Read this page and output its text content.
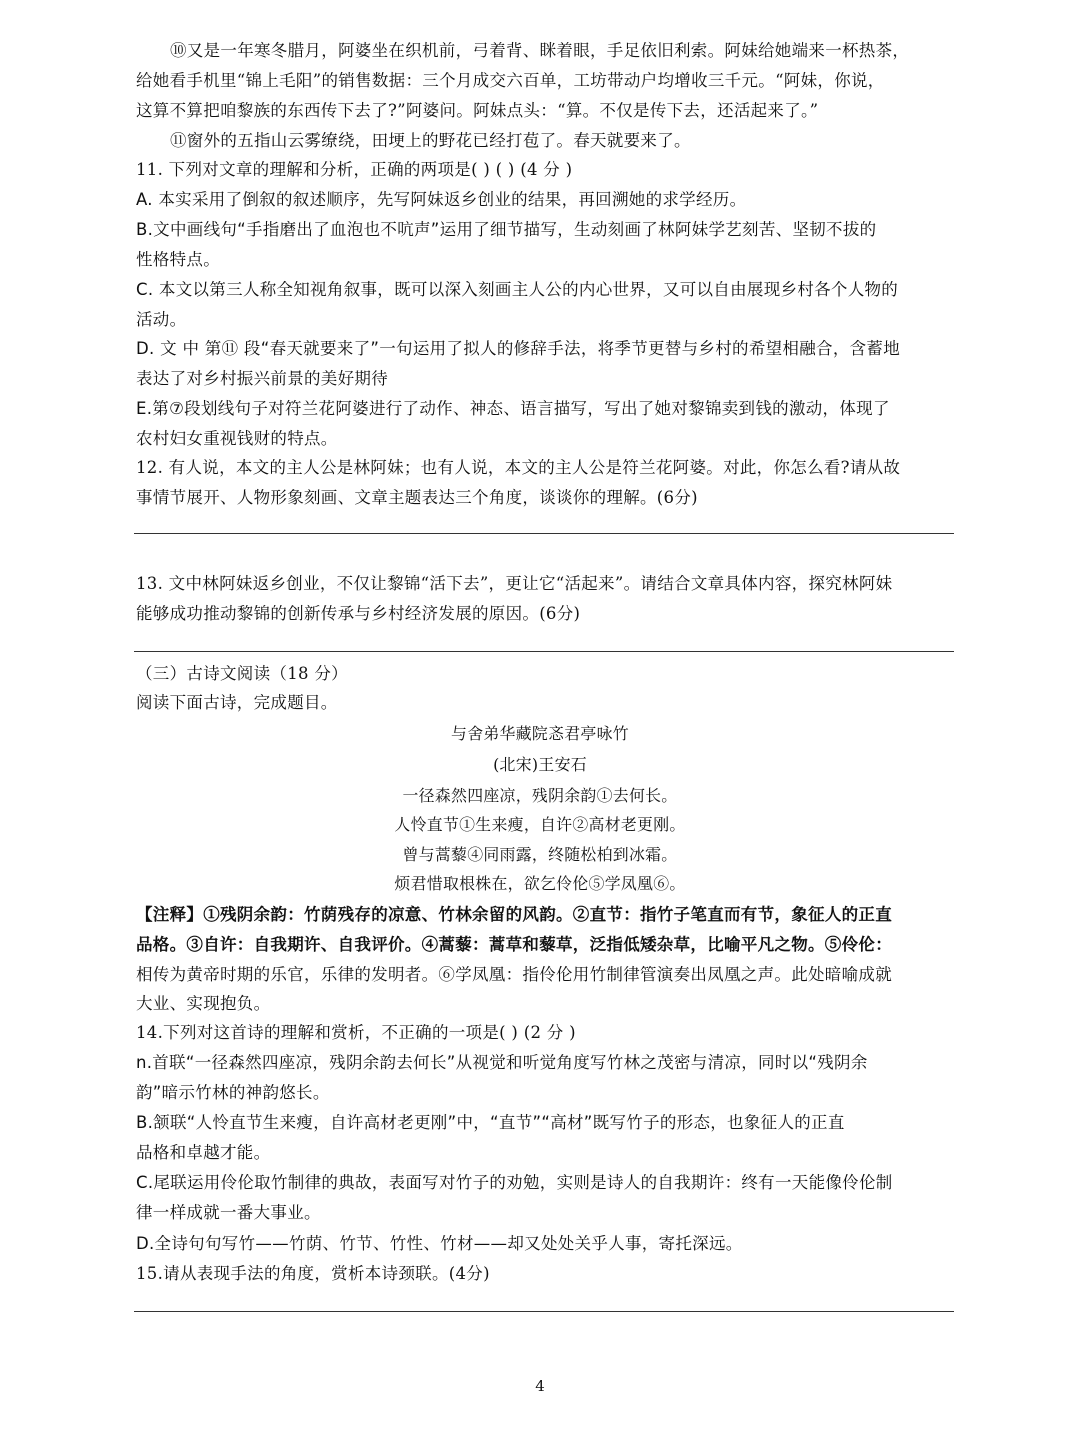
⑩又是一年寒冬腊月，阿婆坐在织机前，弓着背、眯着眼，手足依旧利索。阿妹给她端来一杯热茶，
给她看手机里“锦上毛阳”的销售数据：三个月成交六百单，工坊带动户均增收三千元。“阿妹，你说，
这算不算把咱黎族的东西传下去了?”阿婆问。阿妹点头：“算。不仅是传下去，还活起来了。”
⑪窗外的五指山云雾缭绕，田埂上的野花已经打苞了。春天就要来了。
11. 下列对文章的理解和分析，正确的两项是( ) ( ) (4 分 )
A. 本实采用了倒叙的叙述顺序，先写阿妹返乡创业的结果，再回溯她的求学经历。
B.文中画线句“手指磨出了血泡也不吭声”运用了细节描写，生动刻画了林阿妹学艺刻苦、坚韧不拔的
性格特点。
C. 本文以第三人称全知视角叙事，既可以深入刻画主人公的内心世界，又可以自由展现乡村各个人物的
活动。
D. 文 中 第⑪ 段“春天就要来了”一句运用了拟人的修辞手法，将季节更替与乡村的希望相融合，含蓄地
表达了对乡村振兴前景的美好期待
E.第⑦段划线句子对符兰花阿婆进行了动作、神态、语言描写，写出了她对黎锦卖到钱的激动，体现了
农村妇女重视钱财的特点。
12. 有人说，本文的主人公是林阿妹；也有人说，本文的主人公是符兰花阿婆。对此，你怎么看?请从故
事情节展开、人物形象刻画、文章主题表达三个角度，谈谈你的理解。(6分)
13. 文中林阿妹返乡创业，不仅让黎锦“活下去”，更让它“活起来”。请结合文章具体内容，探究林阿妹
能够成功推动黎锦的创新传承与乡村经济发展的原因。(6分)
（三）古诗文阅读（18 分）
阅读下面古诗，完成题目。
与舍弟华藏院忞君亭咏竹
(北宋)王安石
一径森然四座凉，残阴余韵①去何长。
人怜直节①生来瘦，自许②高材老更刚。
曾与蒿藜④同雨露，终随松柏到冰霜。
烦君惜取根株在，欲乞伶伦⑤学凤凰⑥。
【注释】①残阴余韵：竹荫残存的凉意、竹林余留的风韵。②直节：指竹子笔直而有节，象征人的正直
品格。③自许：自我期许、自我评价。④蒿藜：蒿草和藜草，泛指低矮杂草，比喻平凡之物。⑤伶伦：
相传为黄帝时期的乐官，乐律的发明者。⑥学凤凰：指伶伦用竹制律管演奏出凤凰之声。此处暗喻成就
大业、实现抱负。
14.下列对这首诗的理解和赏析，不正确的一项是( ) (2 分 )
n.首联“一径森然四座凉，残阴余韵去何长”从视觉和听觉角度写竹林之茂密与清凉，同时以“残阴余
韵”暗示竹林的神韵悠长。
B.颔联“人怜直节生来瘦，自许高材老更刚”中，“直节”“高材”既写竹子的形态，也象征人的正直
品格和卓越才能。
C.尾联运用伶伦取竹制律的典故，表面写对竹子的劝勉，实则是诗人的自我期许：终有一天能像伶伦制
律一样成就一番大事业。
D.全诗句句写竹——竹荫、竹节、竹性、竹材——却又处处关乎人事，寄托深远。
15.请从表现手法的角度，赏析本诗颈联。(4分)
4
